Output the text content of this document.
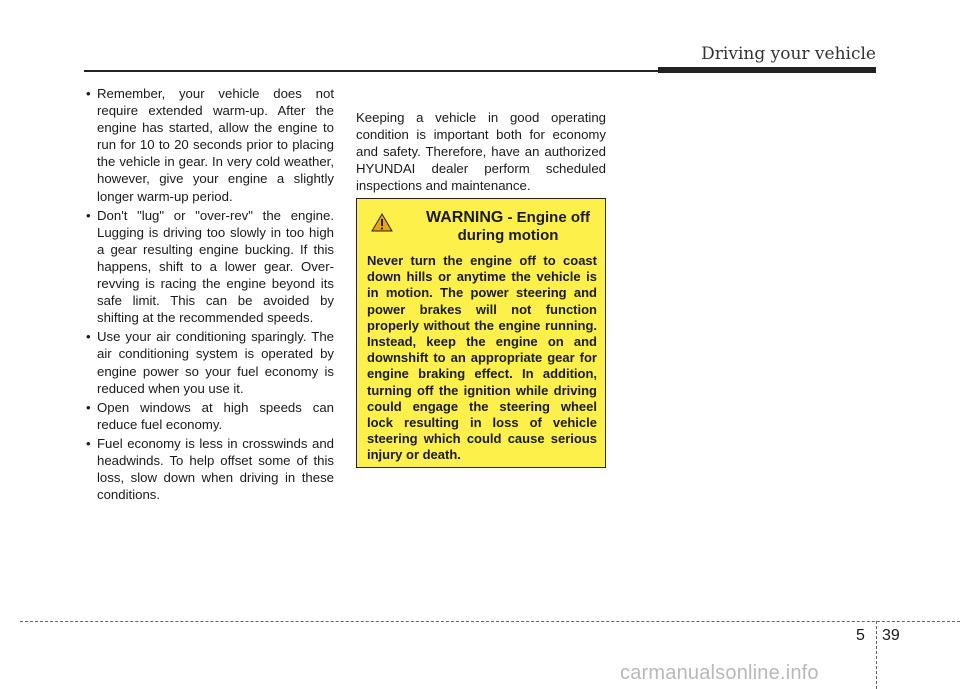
Driving your vehicle
• Remember, your vehicle does not require extended warm-up. After the engine has started, allow the engine to run for 10 to 20 seconds prior to placing the vehicle in gear. In very cold weather, however, give your engine a slightly longer warm-up period.
• Don't "lug" or "over-rev" the engine. Lugging is driving too slowly in too high a gear resulting engine bucking. If this happens, shift to a lower gear. Over-revving is racing the engine beyond its safe limit. This can be avoided by shifting at the recommended speeds.
• Use your air conditioning sparingly. The air conditioning system is operated by engine power so your fuel economy is reduced when you use it.
• Open windows at high speeds can reduce fuel economy.
• Fuel economy is less in crosswinds and headwinds. To help offset some of this loss, slow down when driving in these conditions.

Keeping a vehicle in good operating condition is important both for economy and safety. Therefore, have an authorized HYUNDAI dealer perform scheduled inspections and maintenance.

WARNING - Engine off during motion

Never turn the engine off to coast down hills or anytime the vehicle is in motion. The power steering and power brakes will not function properly without the engine running. Instead, keep the engine on and downshift to an appropriate gear for engine braking effect. In addition, turning off the ignition while driving could engage the steering wheel lock resulting in loss of vehicle steering which could cause serious injury or death.

5 39
carmanualsonline.info
